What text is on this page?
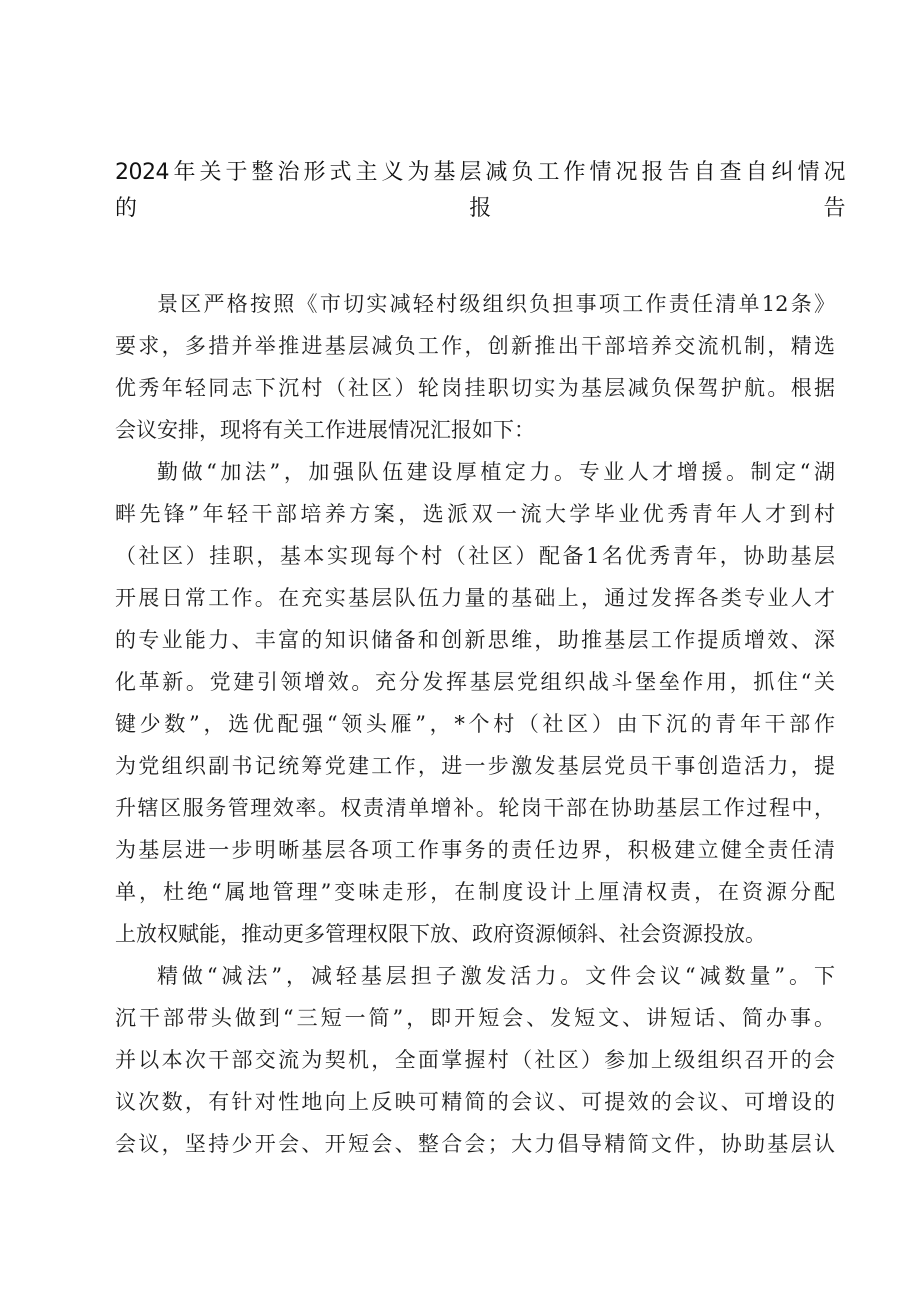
2024年关于整治形式主义为基层减负工作情况报告自查自纠情况
的报告
景区严格按照《市切实减轻村级组织负担事项工作责任清单12条》
要求，多措并举推进基层减负工作，创新推出干部培养交流机制，精选
优秀年轻同志下沉村（社区）轮岗挂职切实为基层减负保驾护航。根据
会议安排，现将有关工作进展情况汇报如下：
勤做“加法”，加强队伍建设厚植定力。专业人才增援。制定“湖
畔先锋”年轻干部培养方案，选派双一流大学毕业优秀青年人才到村
（社区）挂职，基本实现每个村（社区）配备1名优秀青年，协助基层
开展日常工作。在充实基层队伍力量的基础上，通过发挥各类专业人才
的专业能力、丰富的知识储备和创新思维，助推基层工作提质增效、深
化革新。党建引领增效。充分发挥基层党组织战斗堡垒作用，抓住“关
键少数”，选优配强“领头雁”，*个村（社区）由下沉的青年干部作
为党组织副书记统筹党建工作，进一步激发基层党员干事创造活力，提
升辖区服务管理效率。权责清单增补。轮岗干部在协助基层工作过程中，
为基层进一步明晰基层各项工作事务的责任边界，积极建立健全责任清
单，杜绝“属地管理”变味走形，在制度设计上厘清权责，在资源分配
上放权赋能，推动更多管理权限下放、政府资源倾斜、社会资源投放。
精做“减法”，减轻基层担子激发活力。文件会议“减数量”。下
沉干部带头做到“三短一简”，即开短会、发短文、讲短话、简办事。
并以本次干部交流为契机，全面掌握村（社区）参加上级组织召开的会
议次数，有针对性地向上反映可精简的会议、可提效的会议、可增设的
会议，坚持少开会、开短会、整合会；大力倡导精简文件，协助基层认
